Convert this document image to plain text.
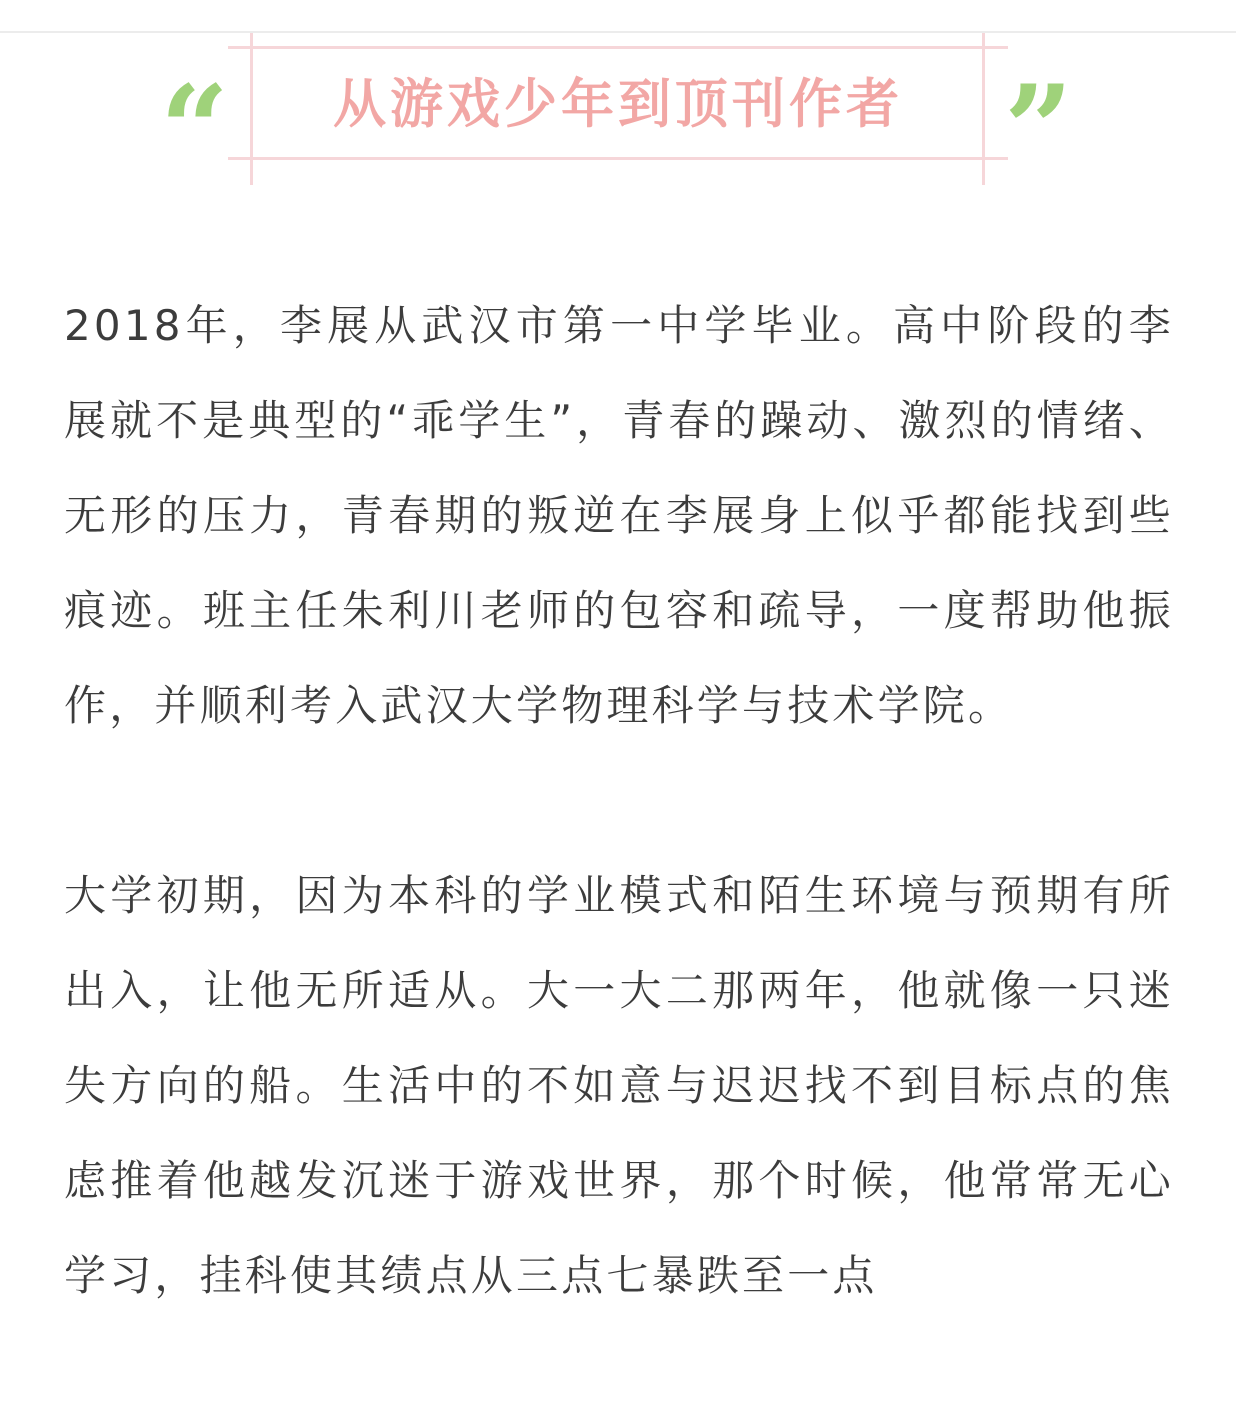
“	从游戏少年到顶刊作者 ”

2018年，李展从武汉市第一中学毕业。高中阶段的李展就不是典型的“乖学生”，青春的躁动、激烈的情绪、无形的压力，青春期的叛逆在李展身上似乎都能找到些痕迹。班主任朱利川老师的包容和疏导，一度帮助他振作，并顺利考入武汉大学物理科学与技术学院。

大学初期，因为本科的学业模式和陌生环境与预期有所出入，让他无所适从。大一大二那两年，他就像一只迷失方向的船。生活中的不如意与迟迟找不到目标点的焦虑推着他越发沉迷于游戏世界，那个时候，他常常无心学习，挂科使其绩点从三点七暴跌至一点
